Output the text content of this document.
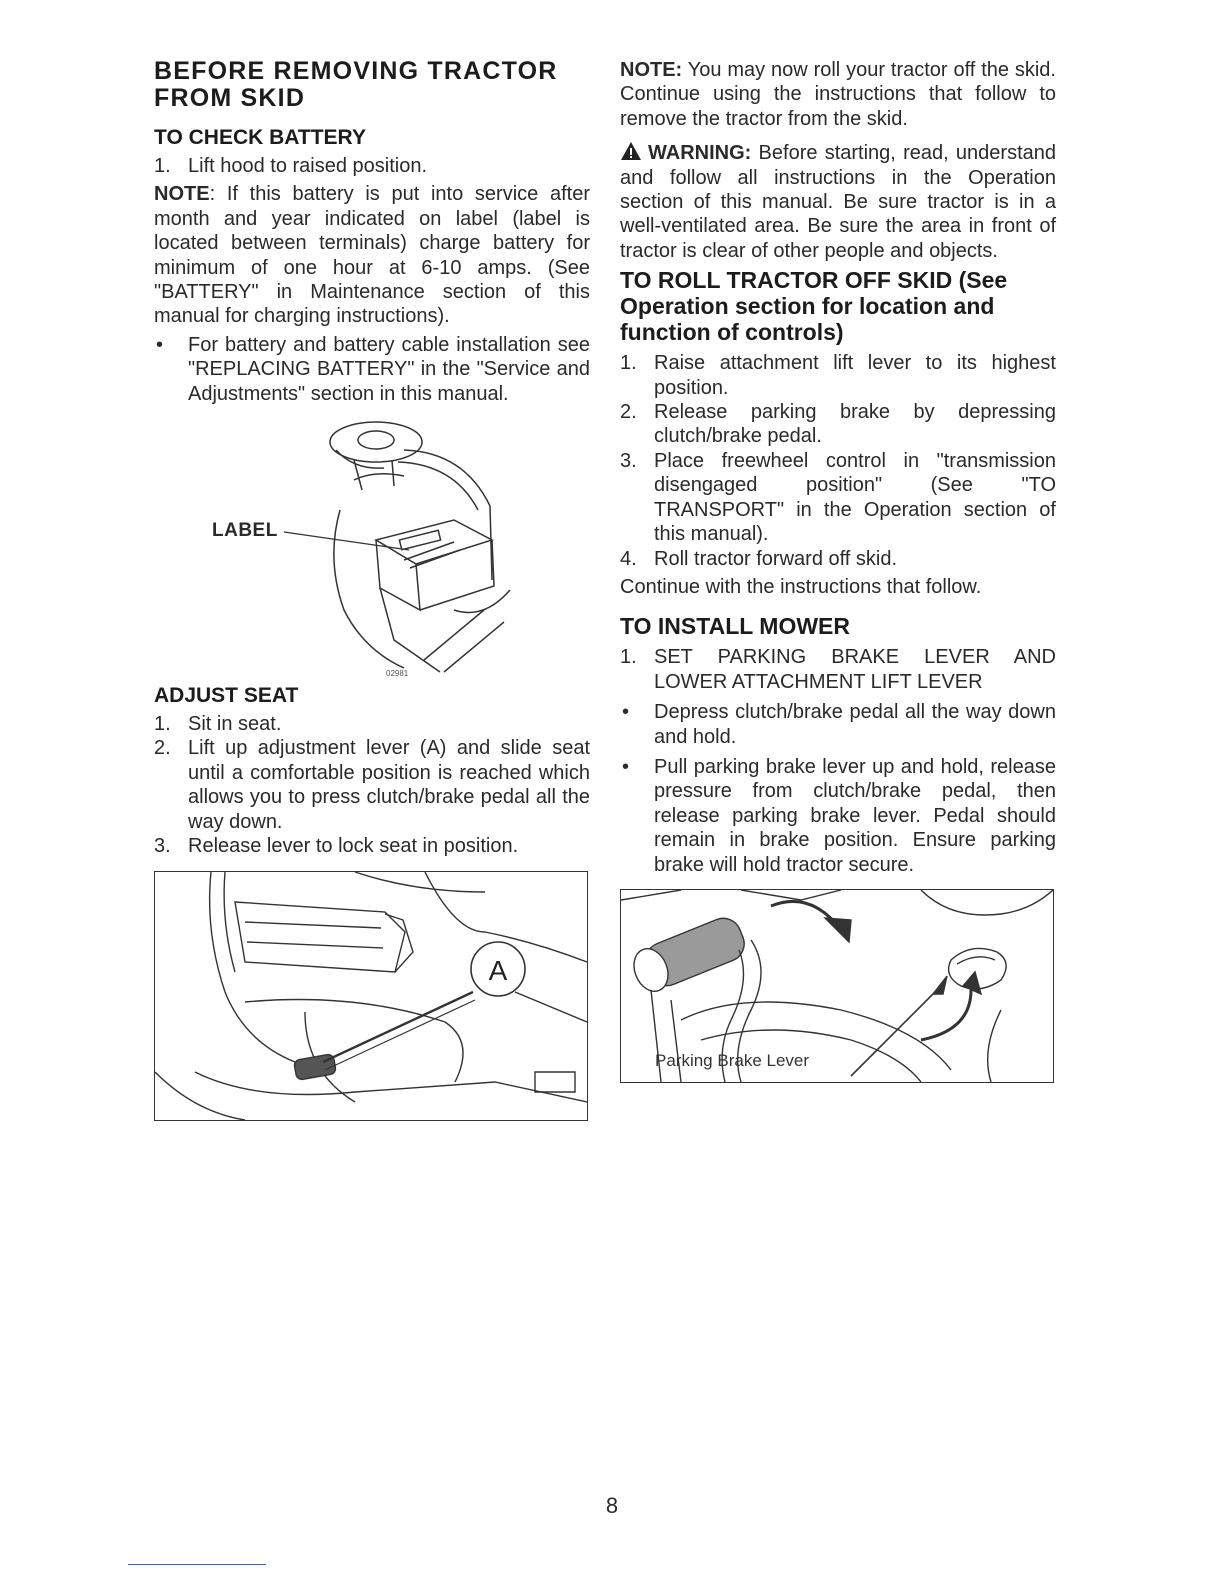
BEFORE REMOVING TRACTOR FROM SKID
TO CHECK BATTERY
1. Lift hood to raised position.

NOTE: If this battery is put into service after month and year indicated on label (label is located between terminals) charge battery for minimum of one hour at 6-10 amps. (See "BATTERY" in Maintenance section of this manual for charging instructions).

• For battery and battery cable installation see "REPLACING BATTERY" in the "Service and Adjustments" section in this manual.
LABEL
02981
ADJUST SEAT
1. Sit in seat.
2. Lift up adjustment lever (A) and slide seat until a comfortable position is reached which allows you to press clutch/brake pedal all the way down.
3. Release lever to lock seat in position.
A

NOTE: You may now roll your tractor off the skid. Continue using the instructions that follow to remove the tractor from the skid.

WARNING: Before starting, read, understand and follow all instructions in the Operation section of this manual. Be sure tractor is in a well-ventilated area. Be sure the area in front of tractor is clear of other people and objects.

TO ROLL TRACTOR OFF SKID (See Operation section for location and function of controls)
1. Raise attachment lift lever to its highest position.
2. Release parking brake by depressing clutch/brake pedal.
3. Place freewheel control in "transmission disengaged position" (See "TO TRANSPORT" in the Operation section of this manual).
4. Roll tractor forward off skid.

Continue with the instructions that follow.

TO INSTALL MOWER
1. SET PARKING BRAKE LEVER AND LOWER ATTACHMENT LIFT LEVER
• Depress clutch/brake pedal all the way down and hold.
• Pull parking brake lever up and hold, release pressure from clutch/brake pedal, then release parking brake lever. Pedal should remain in brake position. Ensure parking brake will hold tractor secure.
Parking Brake Lever
8
